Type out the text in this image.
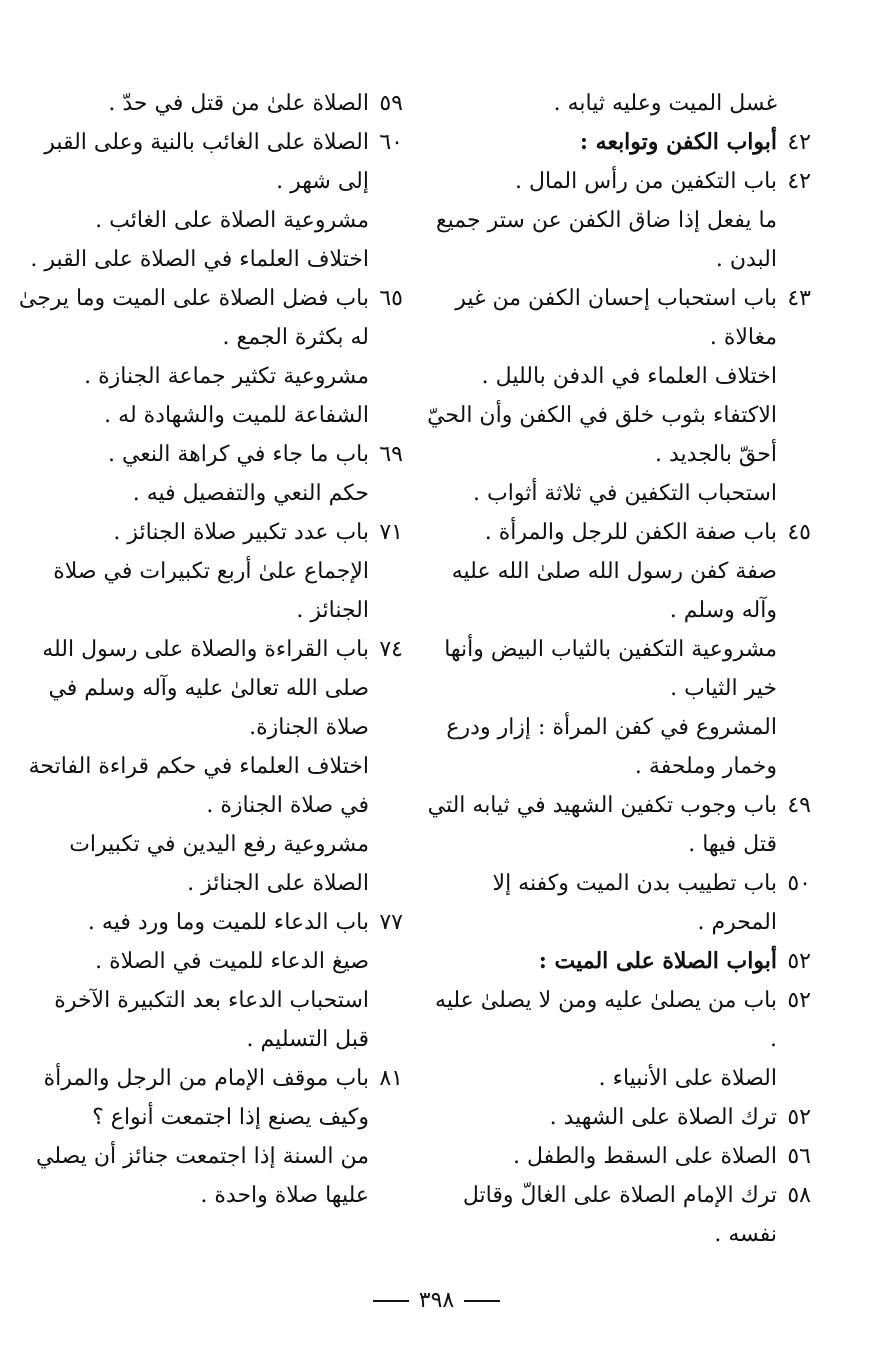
غسل الميت وعليه ثيابه .
٤٢
أبواب الكفن وتوابعه :
٤٢
باب التكفين من رأس المال .
ما يفعل إذا ضاق الكفن عن ستر جميع البدن .
٤٣
باب استحباب إحسان الكفن من غير مغالاة .
اختلاف العلماء في الدفن بالليل .
الاكتفاء بثوب خلق في الكفن وأن الحيّ أحقّ بالجديد .
استحباب التكفين في ثلاثة أثواب .
٤٥
باب صفة الكفن للرجل والمرأة .
صفة كفن رسول الله صلىٰ الله عليه وآله وسلم .
مشروعية التكفين بالثياب البيض وأنها خير الثياب .
المشروع في كفن المرأة : إزار ودرع وخمار وملحفة .
٤٩
باب وجوب تكفين الشهيد في ثيابه التي قتل فيها .
٥٠
باب تطييب بدن الميت وكفنه إلا المحرم .
٥٢
أبواب الصلاة على الميت :
٥٢
باب من يصلىٰ عليه ومن لا يصلىٰ عليه .
الصلاة على الأنبياء .
٥٢
ترك الصلاة على الشهيد .
٥٦
الصلاة على السقط والطفل .
٥٨
ترك الإمام الصلاة على الغالّ وقاتل نفسه .
٥٩
الصلاة علىٰ من قتل في حدّ .
٦٠
الصلاة على الغائب بالنية وعلى القبر إلى شهر .
مشروعية الصلاة على الغائب .
اختلاف العلماء في الصلاة على القبر .
٦٥
باب فضل الصلاة على الميت وما يرجىٰ له بكثرة الجمع .
مشروعية تكثير جماعة الجنازة .
الشفاعة للميت والشهادة له .
٦٩
باب ما جاء في كراهة النعي .
حكم النعي والتفصيل فيه .
٧١
باب عدد تكبير صلاة الجنائز .
الإجماع علىٰ أربع تكبيرات في صلاة الجنائز .
٧٤
باب القراءة والصلاة على رسول الله صلى الله تعالىٰ عليه وآله وسلم في صلاة الجنازة.
اختلاف العلماء في حكم قراءة الفاتحة في صلاة الجنازة .
مشروعية رفع اليدين في تكبيرات الصلاة على الجنائز .
٧٧
باب الدعاء للميت وما ورد فيه .
صيغ الدعاء للميت في الصلاة .
استحباب الدعاء بعد التكبيرة الآخرة قبل التسليم .
٨١
باب موقف الإمام من الرجل والمرأة وكيف يصنع إذا اجتمعت أنواع ؟
من السنة إذا اجتمعت جنائز أن يصلي عليها صلاة واحدة .
٣٩٨
